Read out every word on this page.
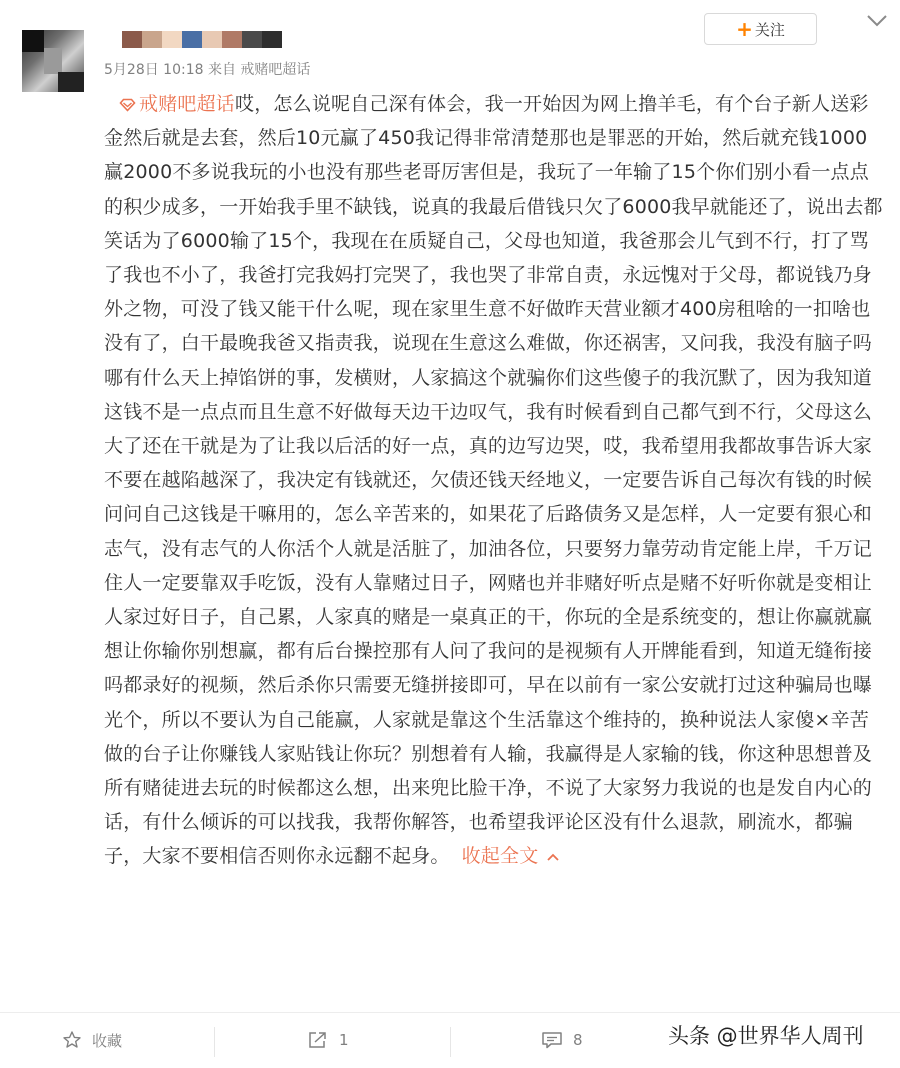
5月28日 10:18 来自 戒赌吧超话
+ 关注
戒赌吧超话哎，怎么说呢自己深有体会，我一开始因为网上撸羊毛，有个台子新人送彩金然后就是去套，然后10元赢了450我记得非常清楚那也是罪恶的开始，然后就充钱1000赢2000不多说我玩的小也没有那些老哥厉害但是，我玩了一年输了15个你们别小看一点点的积少成多，一开始我手里不缺钱，说真的我最后借钱只欠了6000我早就能还了，说出去都笑话为了6000输了15个，我现在在质疑自己，父母也知道，我爸那会儿气到不行，打了骂了我也不小了，我爸打完我妈打完哭了，我也哭了非常自责，永远愧对于父母，都说钱乃身外之物，可没了钱又能干什么呢，现在家里生意不好做昨天营业额才400房租啥的一扣啥也没有了，白干最晚我爸又指责我，说现在生意这么难做，你还祸害，又问我，我没有脑子吗哪有什么天上掉馅饼的事，发横财，人家搞这个就骗你们这些傻子的我沉默了，因为我知道这钱不是一点点而且生意不好做每天边干边叹气，我有时候看到自己都气到不行，父母这么大了还在干就是为了让我以后活的好一点，真的边写边哭，哎，我希望用我都故事告诉大家不要在越陷越深了，我决定有钱就还，欠债还钱天经地义，一定要告诉自己每次有钱的时候问问自己这钱是干嘛用的，怎么辛苦来的，如果花了后路债务又是怎样，人一定要有狠心和志气，没有志气的人你活个人就是活脏了，加油各位，只要努力靠劳动肯定能上岸，千万记住人一定要靠双手吃饭，没有人靠赌过日子，网赌也并非赌好听点是赌不好听你就是变相让人家过好日子，自己累，人家真的赌是一桌真正的干，你玩的全是系统变的，想让你赢就赢想让你输你别想赢，都有后台操控那有人问了我问的是视频有人开牌能看到，知道无缝衔接吗都录好的视频，然后杀你只需要无缝拼接即可，早在以前有一家公安就打过这种骗局也曝光个，所以不要认为自己能赢，人家就是靠这个生活靠这个维持的，换种说法人家傻×辛苦做的台子让你赚钱人家贴钱让你玩？别想着有人输，我赢得是人家输的钱，你这种思想普及所有赌徒进去玩的时候都这么想，出来兜比脸干净，不说了大家努力我说的也是发自内心的话，有什么倾诉的可以找我，我帮你解答，也希望我评论区没有什么退款，刷流水，都骗子，大家不要相信否则你永远翻不起身。 收起全文
收藏	1	8	头条 @世界华人周刊
